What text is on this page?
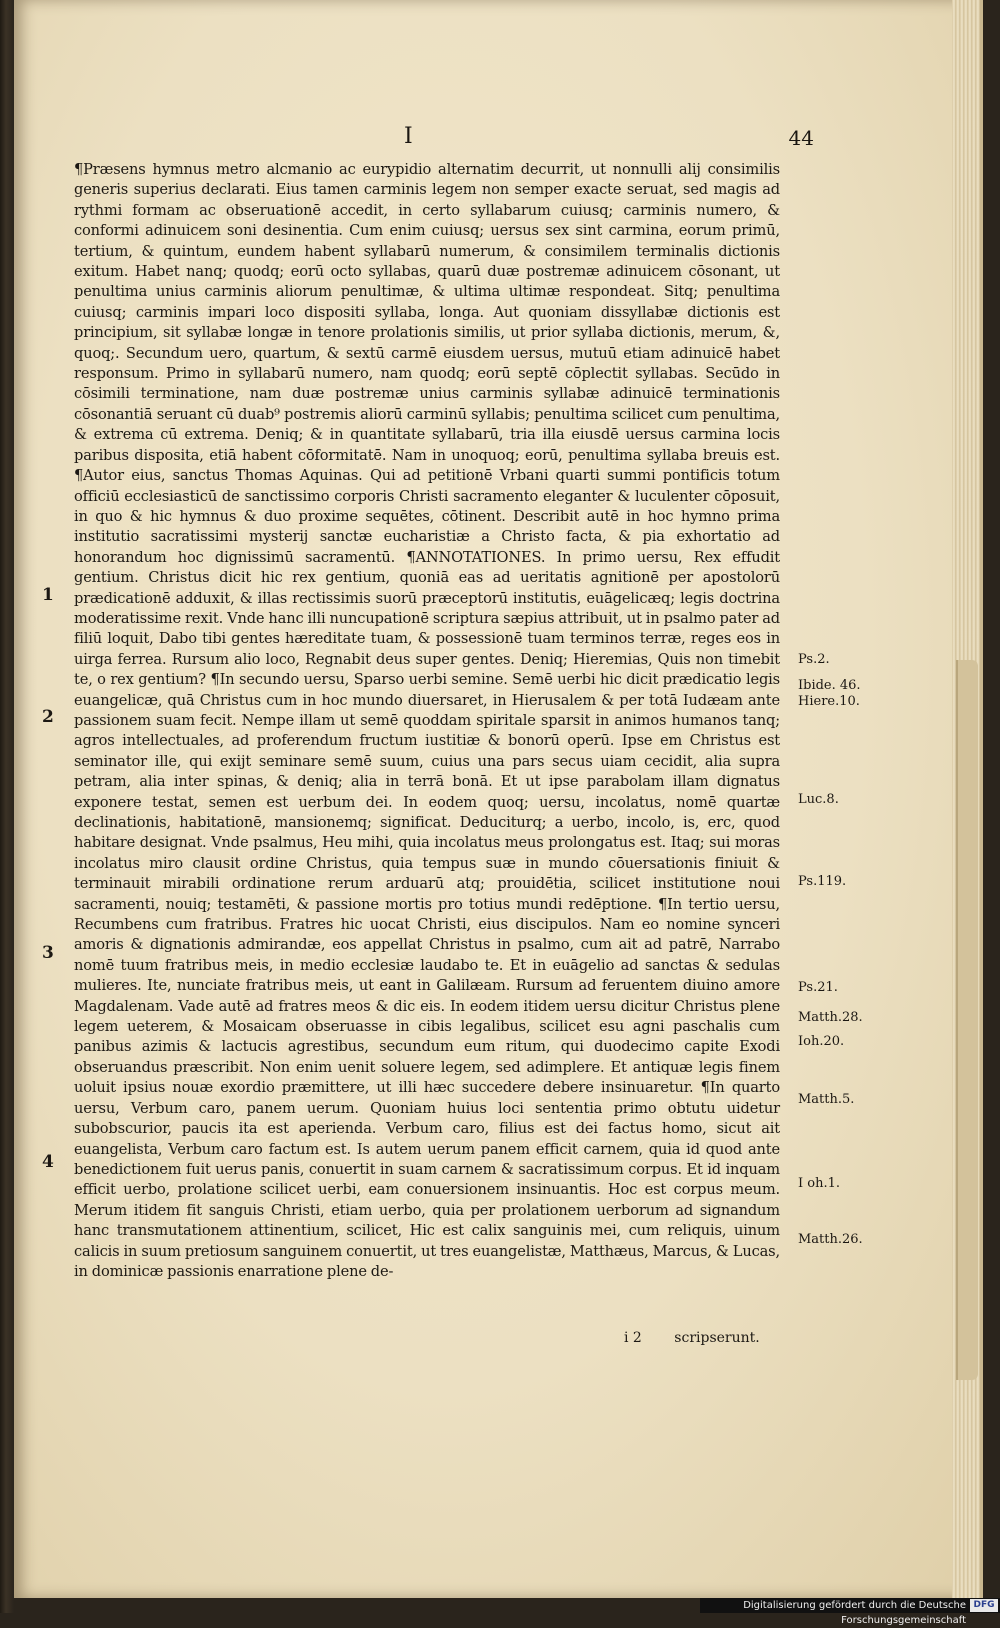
I	44

¶Præsens hymnus metro alcmanio ac eurypidio alternatim decurrit, ut nonnulli alij consimilis generis superius declarati. Eius tamen carminis legem non semper exacte seruat, sed magis ad rythmi formam ac obseruationē accedit, in certo syllabarum cuiusq; carminis numero, & conformi adinuicem soni desinentia. Cum enim cuiusq; uersus sex sint carmina, eorum primū, tertium, & quintum, eundem habent syllabarū numerum, & consimilem terminalis dictionis exitum. Habet nanq; quodq; eorū octo syllabas, quarū duæ postremæ adinuicem cōsonant, ut penultima unius carminis aliorum penultimæ, & ultima ultimæ respondeat. Sitq; penultima cuiusq; carminis impari loco dispositi syllaba, longa. Aut quoniam dissyllabæ dictionis est principium, sit syllabæ longæ in tenore prolationis similis, ut prior syllaba dictionis, merum, &, quoq;. Secundum uero, quartum, & sextū carmē eiusdem uersus, mutuū etiam adinuicē habet responsum. Primo in syllabarū numero, nam quodq; eorū septē cōplectit syllabas. Secūdo in cōsimili terminatione, nam duæ postremæ unius carminis syllabæ adinuicē terminationis cōsonantiā seruant cū duab⁹ postremis aliorū carminū syllabis; penultima scilicet cum penultima, & extrema cū extrema. Deniq; & in quantitate syllabarū, tria illa eiusdē uersus carmina locis paribus disposita, etiā habent cōformitatē. Nam in unoquoq; eorū, penultima syllaba breuis est. ¶Autor eius, sanctus Thomas Aquinas. Qui ad petitionē Vrbani quarti summi pontificis totum officiū ecclesiasticū de sanctissimo corporis Christi sacramento eleganter & luculenter cōposuit, in quo & hic hymnus & duo proxime sequētes, cōtinent. Describit autē in hoc hymno prima institutio sacratissimi mysterij sanctæ eucharistiæ a Christo facta, & pia exhortatio ad honorandum hoc dignissimū sacramentū. ¶ANNOTATIONES. In primo uersu, Rex effudit gentium. Christus dicit hic rex gentium, quoniā eas ad ueritatis agnitionē per apostolorū prædicationē adduxit, & illas rectissimis suorū præceptorū institutis, euāgelicæq; legis doctrina moderatissime rexit. Vnde hanc illi nuncupationē scriptura sæpius attribuit, ut in psalmo pater ad filiū loquit, Dabo tibi gentes hæreditate tuam, & possessionē tuam terminos terræ, reges eos in uirga ferrea. Rursum alio loco, Regnabit deus super gentes. Deniq; Hieremias, Quis non timebit te, o rex gentium? ¶In secundo uersu, Sparso uerbi semine. Semē uerbi hic dicit prædicatio legis euangelicæ, quā Christus cum in hoc mundo diuersaret, in Hierusalem & per totā Iudæam ante passionem suam fecit. Nempe illam ut semē quoddam spiritale sparsit in animos humanos tanq; agros intellectuales, ad proferendum fructum iustitiæ & bonorū operū. Ipse em Christus est seminator ille, qui exijt seminare semē suum, cuius una pars secus uiam cecidit, alia supra petram, alia inter spinas, & deniq; alia in terrā bonā. Et ut ipse parabolam illam dignatus exponere testat, semen est uerbum dei. In eodem quoq; uersu, incolatus, nomē quartæ declinationis, habitationē, mansionemq; significat. Deduciturq; a uerbo, incolo, is, erc, quod habitare designat. Vnde psalmus, Heu mihi, quia incolatus meus prolongatus est. Itaq; sui moras incolatus miro clausit ordine Christus, quia tempus suæ in mundo cōuersationis finiuit & terminauit mirabili ordinatione rerum arduarū atq; prouidētia, scilicet institutione noui sacramenti, nouiq; testamēti, & passione mortis pro totius mundi redēptione. ¶In tertio uersu, Recumbens cum fratribus. Fratres hic uocat Christi, eius discipulos. Nam eo nomine synceri amoris & dignationis admirandæ, eos appellat Christus in psalmo, cum ait ad patrē, Narrabo nomē tuum fratribus meis, in medio ecclesiæ laudabo te. Et in euāgelio ad sanctas & sedulas mulieres. Ite, nunciate fratribus meis, ut eant in Galilæam. Rursum ad feruentem diuino amore Magdalenam. Vade autē ad fratres meos & dic eis. In eodem itidem uersu dicitur Christus plene legem ueterem, & Mosaicam obseruasse in cibis legalibus, scilicet esu agni paschalis cum panibus azimis & lactucis agrestibus, secundum eum ritum, qui duodecimo capite Exodi obseruandus præscribit. Non enim uenit soluere legem, sed adimplere. Et antiquæ legis finem uoluit ipsius nouæ exordio præmittere, ut illi hæc succedere debere insinuaretur. ¶In quarto uersu, Verbum caro, panem uerum. Quoniam huius loci sententia primo obtutu uidetur subobscurior, paucis ita est aperienda. Verbum caro, filius est dei factus homo, sicut ait euangelista, Verbum caro factum est. Is autem uerum panem efficit carnem, quia id quod ante benedictionem fuit uerus panis, conuertit in suam carnem & sacratissimum corpus. Et id inquam efficit uerbo, prolatione scilicet uerbi, eam conuersionem insinuantis. Hoc est corpus meum. Merum itidem fit sanguis Christi, etiam uerbo, quia per prolationem uerborum ad signandum hanc transmutationem attinentium, scilicet, Hic est calix sanguinis mei, cum reliquis, uinum calicis in suum pretiosum sanguinem conuertit, ut tres euangelistæ, Matthæus, Marcus, & Lucas, in dominicæ passionis enarratione plene de-

1
2
3
4
Ps.2.
Ibide. 46.
Hiere.10.
Luc.8.
Ps.119.
Ps.21.
Matth.28.
Ioh.20.
Matth.5.
I oh.1.
Matth.26.
i 2 scripserunt.
Digitalisierung gefördert durch die Deutsche Forschungsgemeinschaft
DFG
